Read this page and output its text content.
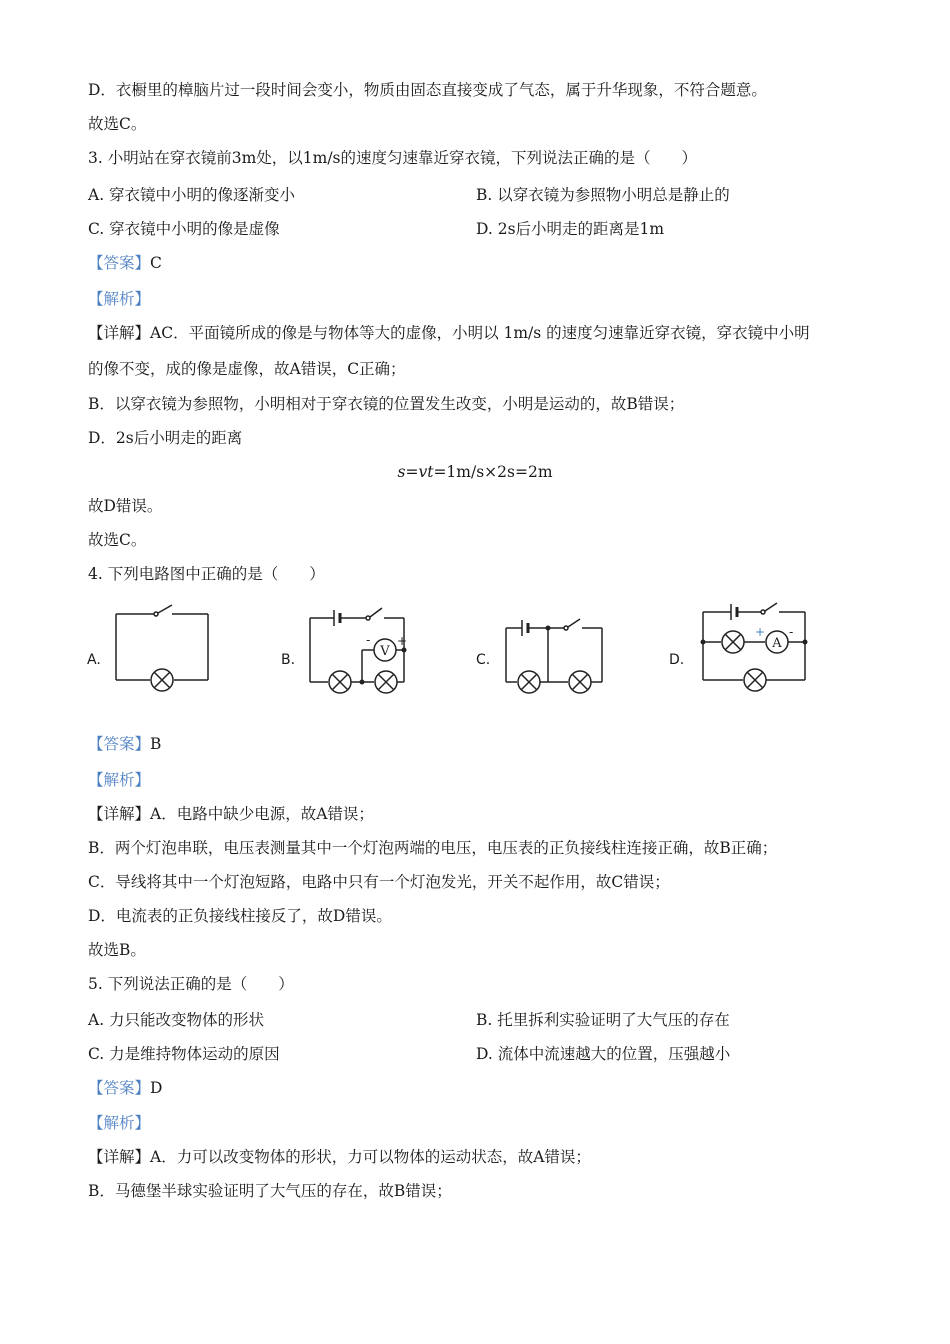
D．衣橱里的樟脑片过一段时间会变小，物质由固态直接变成了气态，属于升华现象，不符合题意。
故选C。
3. 小明站在穿衣镜前3m处，以1m/s的速度匀速靠近穿衣镜，下列说法正确的是（　　）
A. 穿衣镜中小明的像逐渐变小	B. 以穿衣镜为参照物小明总是静止的
C. 穿衣镜中小明的像是虚像	D. 2s后小明走的距离是1m
【答案】C
【解析】
【详解】AC．平面镜所成的像是与物体等大的虚像，小明以 1m/s 的速度匀速靠近穿衣镜，穿衣镜中小明
的像不变，成的像是虚像，故A错误，C正确；
B．以穿衣镜为参照物，小明相对于穿衣镜的位置发生改变，小明是运动的，故B错误；
D．2s后小明走的距离
s=vt=1m/s×2s=2m
故D错误。
故选C。
4. 下列电路图中正确的是（　　）
A.	B.
V
- +
C.	D.
A
+ -
【答案】B
【解析】
【详解】A．电路中缺少电源，故A错误；
B．两个灯泡串联，电压表测量其中一个灯泡两端的电压，电压表的正负接线柱连接正确，故B正确；
C．导线将其中一个灯泡短路，电路中只有一个灯泡发光，开关不起作用，故C错误；
D．电流表的正负接线柱接反了，故D错误。
故选B。
5. 下列说法正确的是（　　）
A. 力只能改变物体的形状	B. 托里拆利实验证明了大气压的存在
C. 力是维持物体运动的原因	D. 流体中流速越大的位置，压强越小
【答案】D
【解析】
【详解】A．力可以改变物体的形状，力可以物体的运动状态，故A错误；
B．马德堡半球实验证明了大气压的存在，故B错误；
